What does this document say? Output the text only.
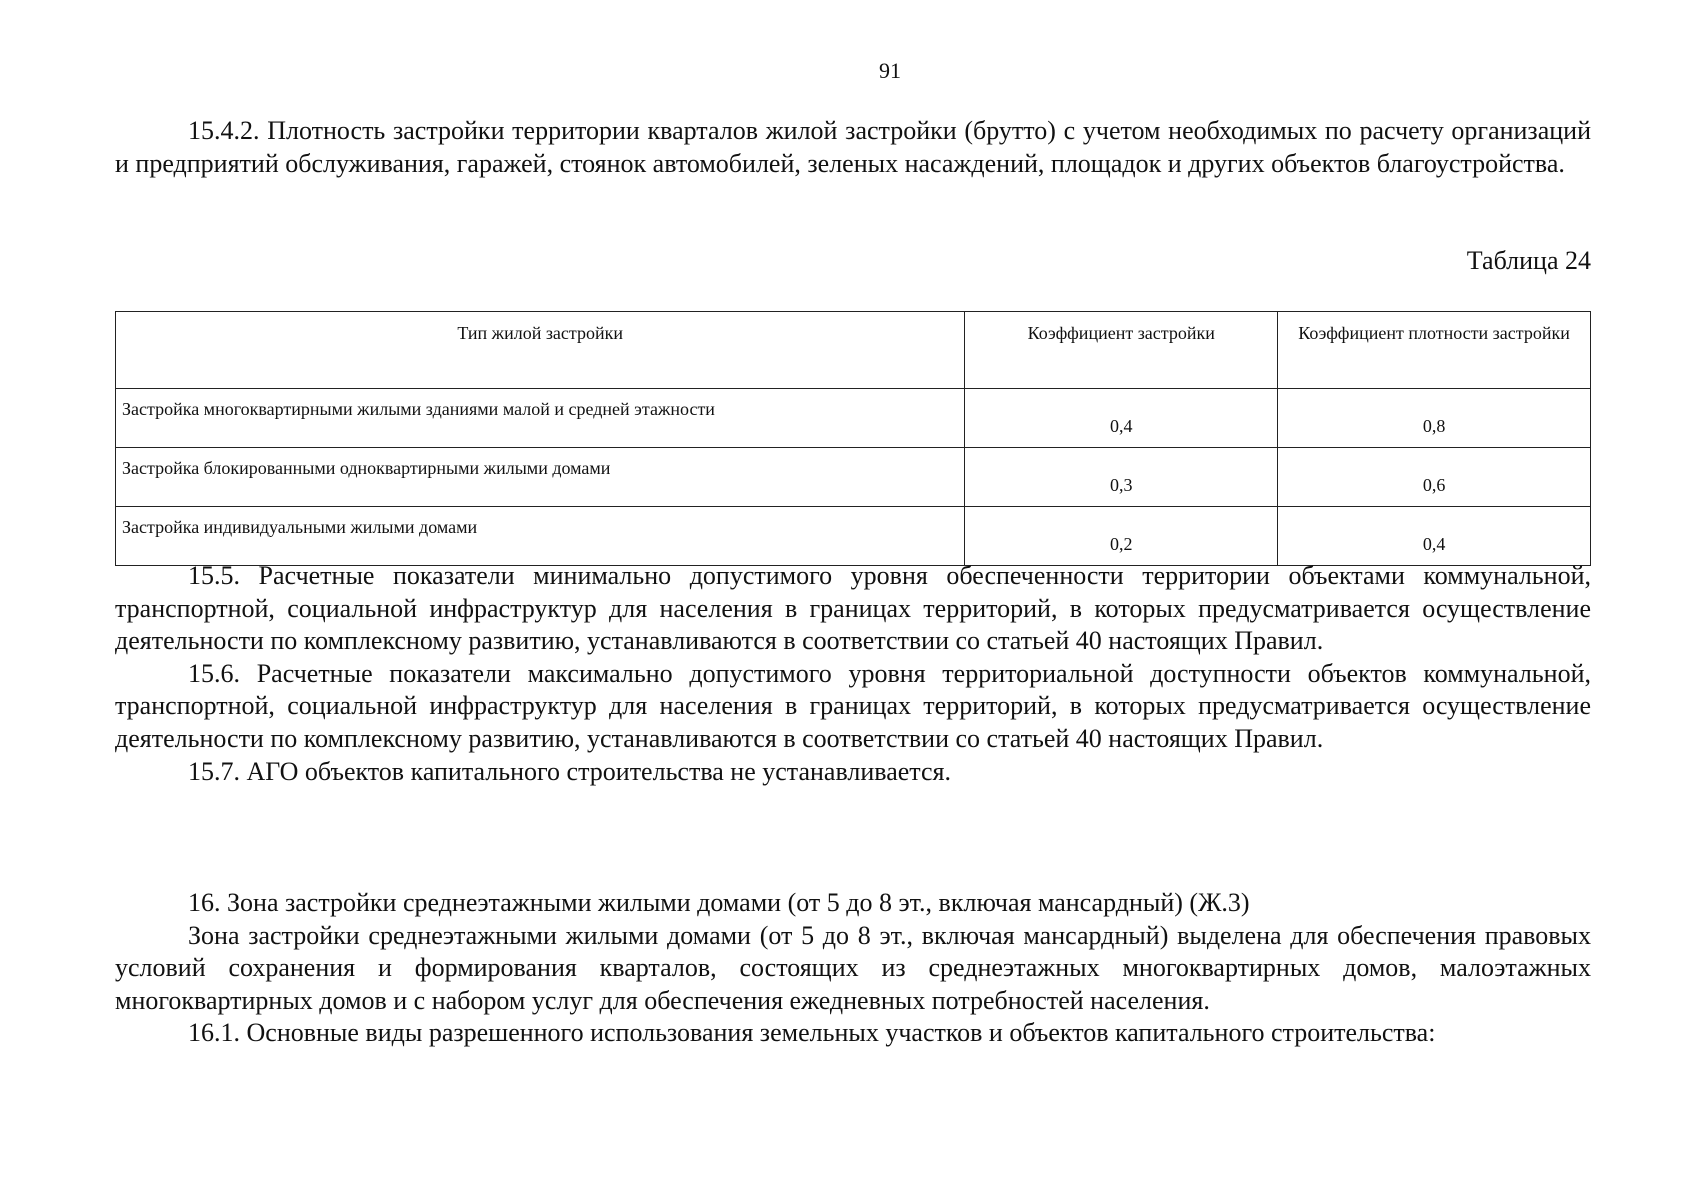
91

15.4.2. Плотность застройки территории кварталов жилой застройки (брутто) с учетом необходимых по расчету организаций и предприятий обслуживания, гаражей, стоянок автомобилей, зеленых насаждений, площадок и других объектов благоустройства.

Таблица 24
Тип жилой застройки	Коэффициент застройки	Коэффициент плотности застройки
Застройка многоквартирными жилыми зданиями малой и средней этажности	0,4	0,8
Застройка блокированными одноквартирными жилыми домами	0,3	0,6
Застройка индивидуальными жилыми домами	0,2	0,4

15.5. Расчетные показатели минимально допустимого уровня обеспеченности территории объектами коммунальной, транспортной, социальной инфраструктур для населения в границах территорий, в которых предусматривается осуществление деятельности по комплексному развитию, устанавливаются в соответствии со статьей 40 настоящих Правил.

15.6. Расчетные показатели максимально допустимого уровня территориальной доступности объектов коммунальной, транспортной, социальной инфраструктур для населения в границах территорий, в которых предусматривается осуществление деятельности по комплексному развитию, устанавливаются в соответствии со статьей 40 настоящих Правил.

15.7. АГО объектов капитального строительства не устанавливается.

16. Зона застройки среднеэтажными жилыми домами (от 5 до 8 эт., включая мансардный) (Ж.3)

Зона застройки среднеэтажными жилыми домами (от 5 до 8 эт., включая мансардный) выделена для обеспечения правовых условий сохранения и формирования кварталов, состоящих из среднеэтажных многоквартирных домов, малоэтажных многоквартирных домов и с набором услуг для обеспечения ежедневных потребностей населения.

16.1. Основные виды разрешенного использования земельных участков и объектов капитального строительства:
